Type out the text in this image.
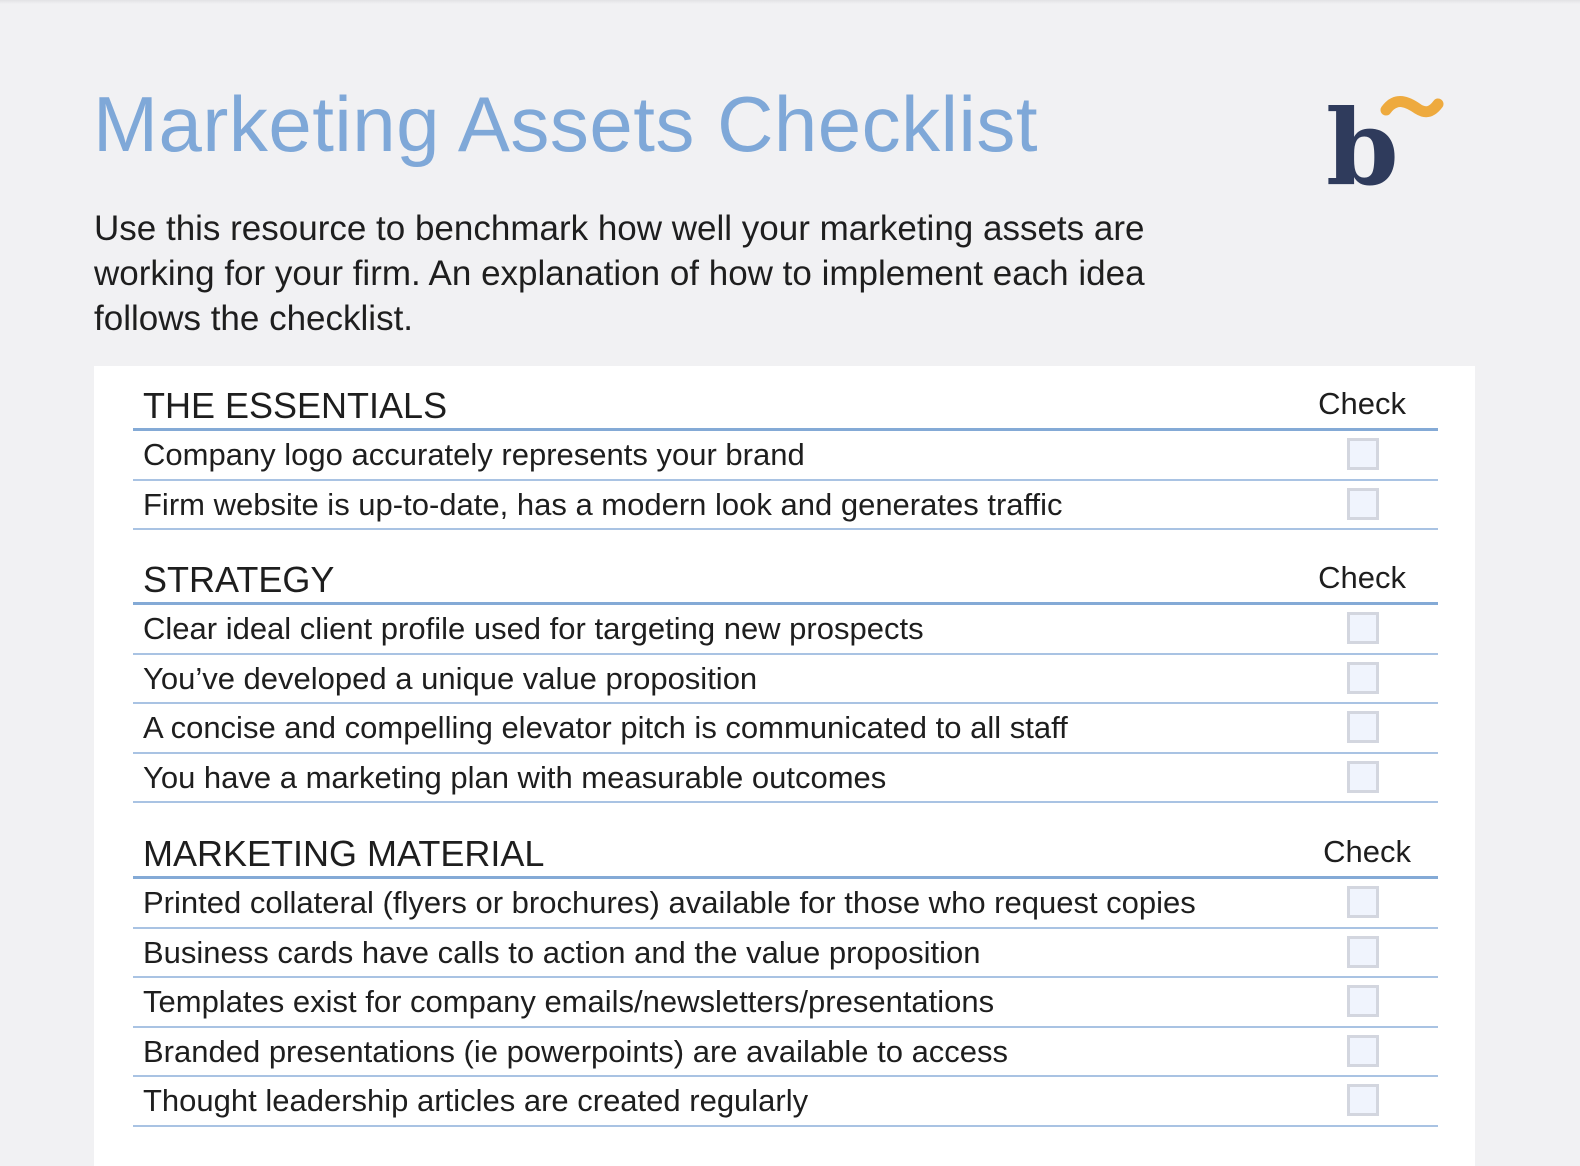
Marketing Assets Checklist	b

Use this resource to benchmark how well your marketing assets are working for your firm. An explanation of how to implement each idea follows the checklist.

THE ESSENTIALS	Check
Company logo accurately represents your brand
Firm website is up-to-date, has a modern look and generates traffic
STRATEGY	Check
Clear ideal client profile used for targeting new prospects
You’ve developed a unique value proposition
A concise and compelling elevator pitch is communicated to all staff
You have a marketing plan with measurable outcomes
MARKETING MATERIAL	Check
Printed collateral (flyers or brochures) available for those who request copies
Business cards have calls to action and the value proposition
Templates exist for company emails/newsletters/presentations
Branded presentations (ie powerpoints) are available to access
Thought leadership articles are created regularly
